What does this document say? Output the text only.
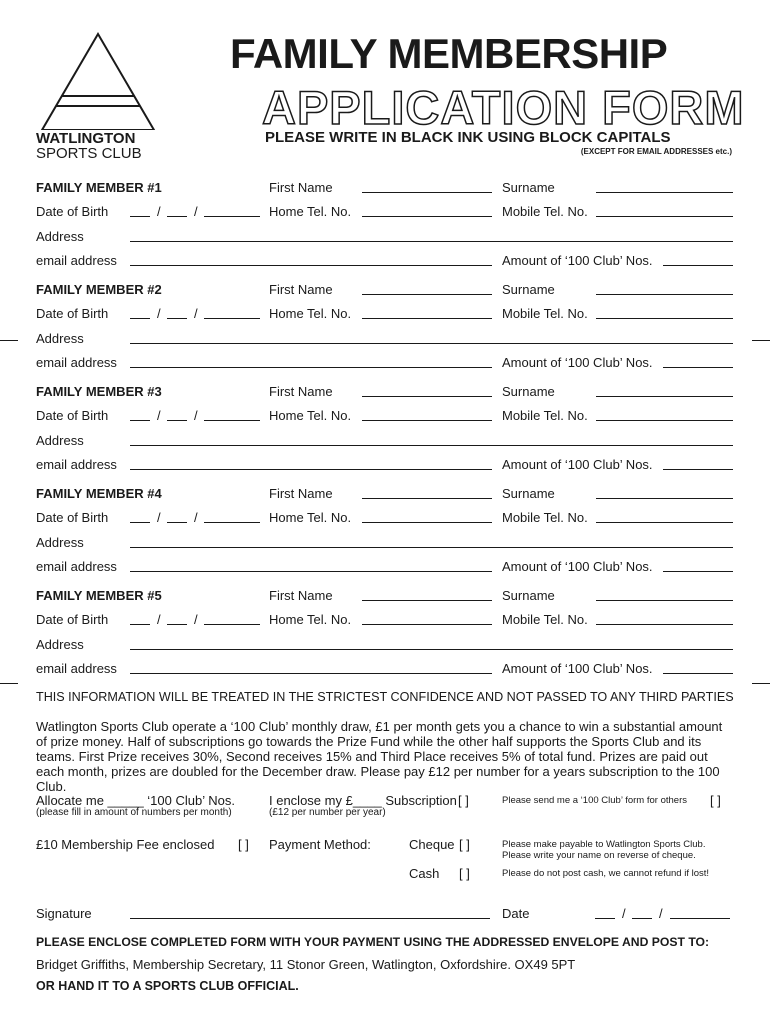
WATLINGTON
SPORTS CLUB
FAMILY MEMBERSHIP
APPLICATION FORM
PLEASE WRITE IN BLACK INK USING BLOCK CAPITALS
(EXCEPT FOR EMAIL ADDRESSES etc.)
FAMILY MEMBER #1	First Name	Surname
Date of Birth	/	/	Home Tel. No.	Mobile Tel. No.
Address
email address	Amount of ‘100 Club’ Nos.
FAMILY MEMBER #2	First Name	Surname
Date of Birth	/	/	Home Tel. No.	Mobile Tel. No.
Address
email address	Amount of ‘100 Club’ Nos.
FAMILY MEMBER #3	First Name	Surname
Date of Birth	/	/	Home Tel. No.	Mobile Tel. No.
Address
email address	Amount of ‘100 Club’ Nos.
FAMILY MEMBER #4	First Name	Surname
Date of Birth	/	/	Home Tel. No.	Mobile Tel. No.
Address
email address	Amount of ‘100 Club’ Nos.
FAMILY MEMBER #5	First Name	Surname
Date of Birth	/	/	Home Tel. No.	Mobile Tel. No.
Address
email address	Amount of ‘100 Club’ Nos.
THIS INFORMATION WILL BE TREATED IN THE STRICTEST CONFIDENCE AND NOT PASSED TO ANY THIRD PARTIES
Watlington Sports Club operate a ‘100 Club’ monthly draw, £1 per month gets you a chance to win a substantial amount of prize money. Half of subscriptions go towards the Prize Fund while the other half supports the Sports Club and its teams. First Prize receives 30%, Second receives 15% and Third Place receives 5% of total fund. Prizes are paid out each month, prizes are doubled for the December draw. Please pay £12 per number for a years subscription to the 100 Club.
Allocate me _____ ‘100 Club’ Nos.
(please fill in amount of numbers per month)
I enclose my £____ Subscription [ ]
(£12 per number per year)
Please send me a ‘100 Club’ form for others [ ]
£10 Membership Fee enclosed [ ] Payment Method:	Cheque [ ]	Please make payable to Watlington Sports Club.
Please write your name on reverse of cheque.
Cash [ ]	Please do not post cash, we cannot refund if lost!
Signature	Date	/	/
PLEASE ENCLOSE COMPLETED FORM WITH YOUR PAYMENT USING THE ADDRESSED ENVELOPE AND POST TO:
Bridget Griffiths, Membership Secretary, 11 Stonor Green, Watlington, Oxfordshire. OX49 5PT
OR HAND IT TO A SPORTS CLUB OFFICIAL.
